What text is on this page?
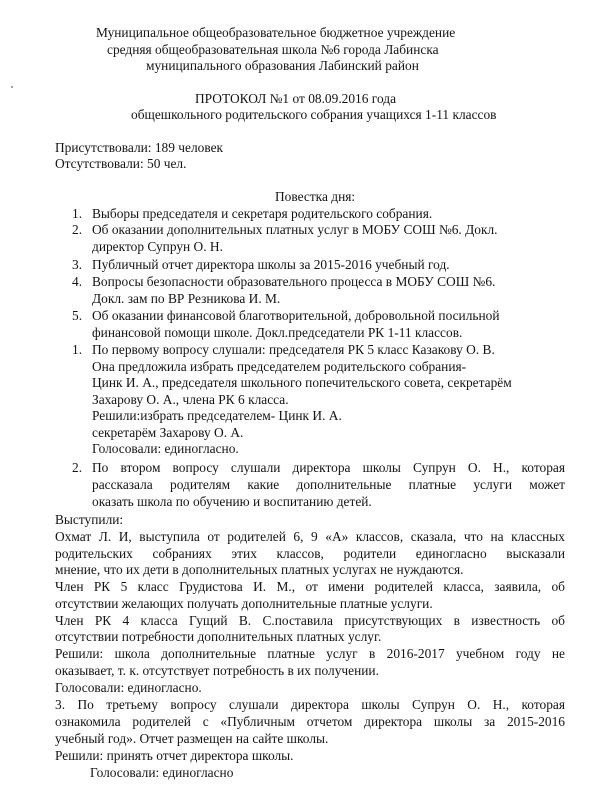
Муниципальное общеобразовательное бюджетное учреждение
средняя общеобразовательная школа №6 города Лабинска
муниципального образования Лабинский район
ПРОТОКОЛ №1 от 08.09.2016 года
общешкольного родительского собрания учащихся 1-11 классов
Присутствовали: 189 человек
Отсутствовали: 50 чел.
Повестка дня:
1. Выборы председателя и секретаря родительского собрания.
2. Об оказании дополнительных платных услуг в МОБУ СОШ №6. Докл.
директор Супрун О. Н.
3. Публичный отчет директора школы за 2015-2016 учебный год.
4. Вопросы безопасности образовательного процесса в МОБУ СОШ №6.
Докл. зам по ВР Резникова И. М.
5. Об оказании финансовой благотворительной, добровольной посильной
финансовой помощи школе. Докл.председатели РК 1-11 классов.
1. По первому вопросу слушали: председателя РК 5 класс Казакову О. В.
Она предложила избрать председателем родительского собрания-
Цинк И. А., председателя школьного попечительского совета, секретарём
Захарову О. А., члена РК 6 класса.
Решили:избрать председателем- Цинк И. А.
секретарём Захарову О. А.
Голосовали: единогласно.
2. По втором вопросу слушали директора школы Супрун О. Н., которая
рассказала родителям какие дополнительные платные услуги может
оказать школа по обучению и воспитанию детей.
Выступили:
Охмат Л. И, выступила от родителей 6, 9 «А» классов, сказала, что на классных
родительских собраниях этих классов, родители единогласно высказали
мнение, что их дети в дополнительных платных услугах не нуждаются.
Член РК 5 класс Грудистова И. М., от имени родителей класса, заявила, об
отсутствии желающих получать дополнительные платные услуги.
Член РК 4 класса Гущий В. С.поставила присутствующих в известность об
отсутствии потребности дополнительных платных услуг.
Решили: школа дополнительные платные услуг в 2016-2017 учебном году не
оказывает, т. к. отсутствует потребность в их получении.
Голосовали: единогласно.
3. По третьему вопросу слушали директора школы Супрун О. Н., которая
ознакомила родителей с «Публичным отчетом директора школы за 2015-2016
учебный год». Отчет размещен на сайте школы.
Решили: принять отчет директора школы.
Голосовали: единогласно
